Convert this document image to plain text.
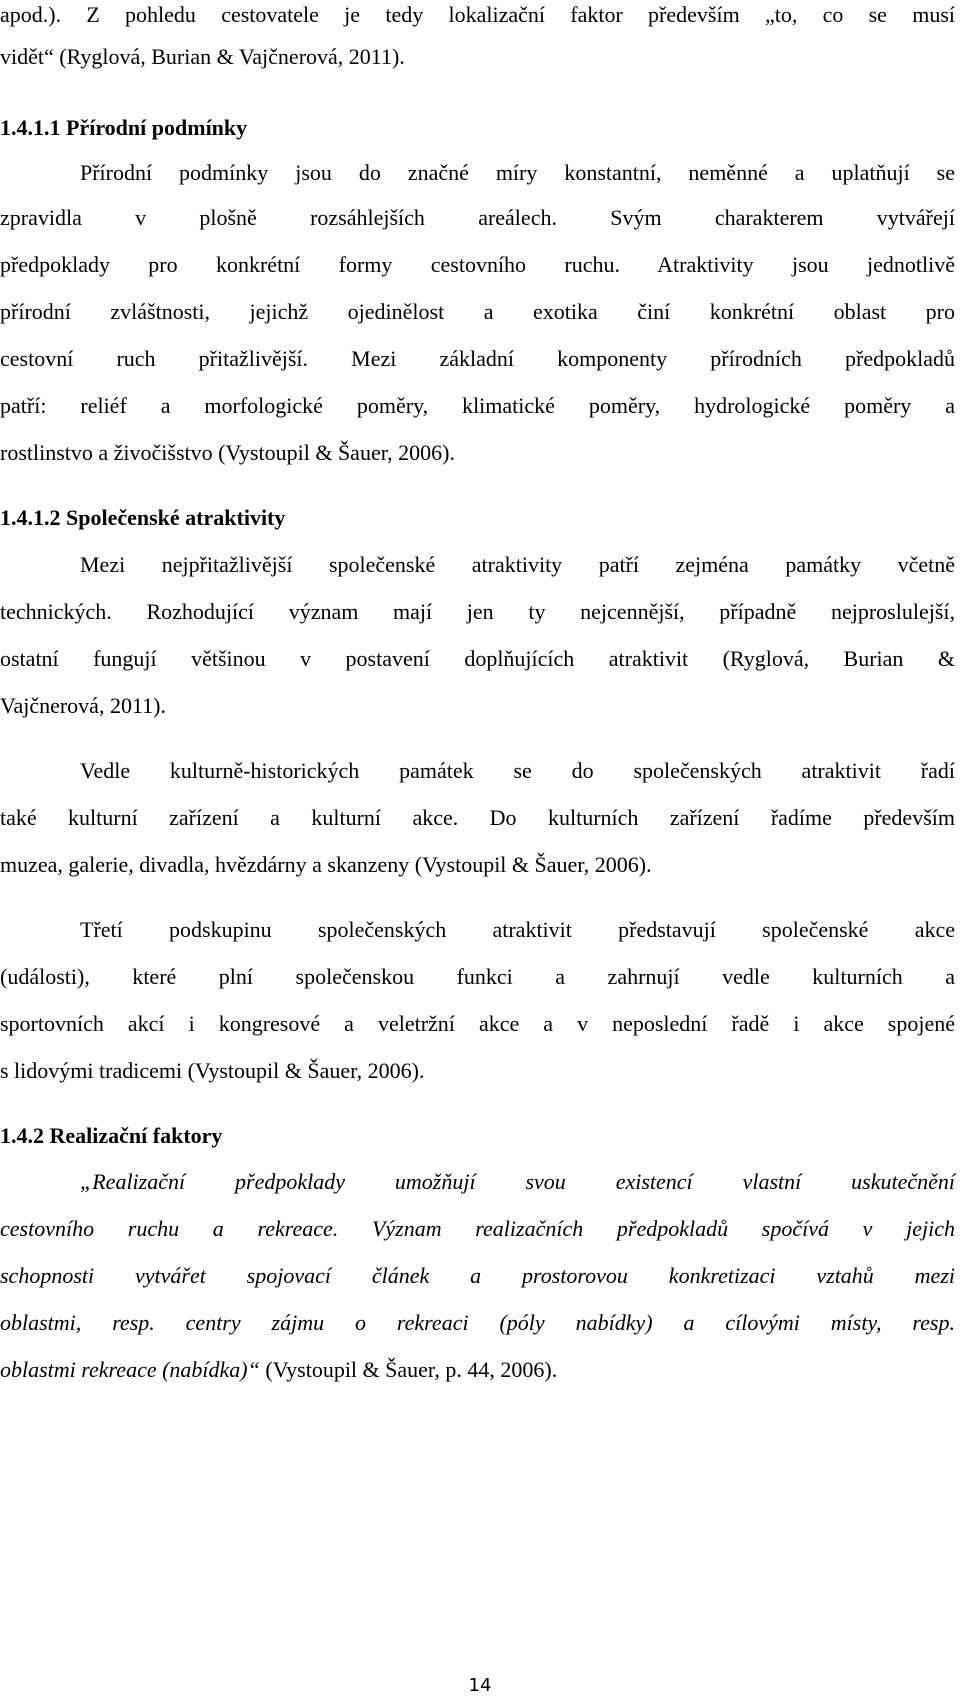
apod.). Z pohledu cestovatele je tedy lokalizační faktor především „to, co se musí
vidět“ (Ryglová, Burian & Vajčnerová, 2011).
1.4.1.1 Přírodní podmínky
Přírodní podmínky jsou do značné míry konstantní, neměnné a uplatňují se
zpravidla v plošně rozsáhlejších areálech. Svým charakterem vytvářejí
předpoklady pro konkrétní formy cestovního ruchu. Atraktivity jsou jednotlivě
přírodní zvláštnosti, jejichž ojedinělost a exotika činí konkrétní oblast pro
cestovní ruch přitažlivější. Mezi základní komponenty přírodních předpokladů
patří: reliéf a morfologické poměry, klimatické poměry, hydrologické poměry a
rostlinstvo a živočišstvo (Vystoupil & Šauer, 2006).
1.4.1.2 Společenské atraktivity
Mezi nejpřitažlivější společenské atraktivity patří zejména památky včetně
technických. Rozhodující význam mají jen ty nejcennější, případně nejproslulejší,
ostatní fungují většinou v postavení doplňujících atraktivit (Ryglová, Burian &
Vajčnerová, 2011).
Vedle kulturně-historických památek se do společenských atraktivit řadí
také kulturní zařízení a kulturní akce. Do kulturních zařízení řadíme především
muzea, galerie, divadla, hvězdárny a skanzeny (Vystoupil & Šauer, 2006).
Třetí podskupinu společenských atraktivit představují společenské akce
(události), které plní společenskou funkci a zahrnují vedle kulturních a
sportovních akcí i kongresové a veletržní akce a v neposlední řadě i akce spojené
s lidovými tradicemi (Vystoupil & Šauer, 2006).
1.4.2 Realizační faktory
„Realizační předpoklady umožňují svou existencí vlastní uskutečnění
cestovního ruchu a rekreace. Význam realizačních předpokladů spočívá v jejich
schopnosti vytvářet spojovací článek a prostorovou konkretizaci vztahů mezi
oblastmi, resp. centry zájmu o rekreaci (póly nabídky) a cílovými místy, resp.
oblastmi rekreace (nabídka)“ (Vystoupil & Šauer, p. 44, 2006).
14
